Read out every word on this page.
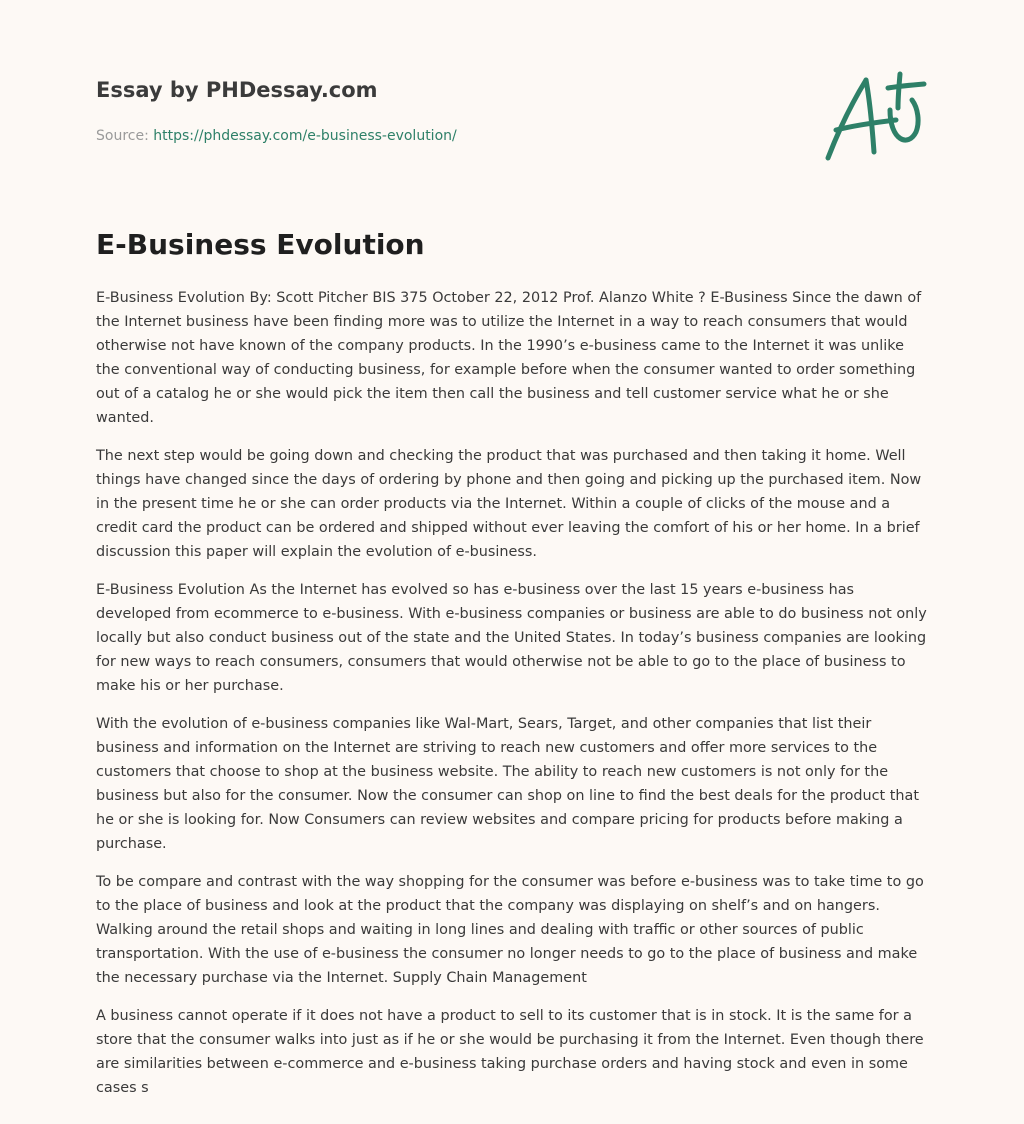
Essay by PHDessay.com
Source: https://phdessay.com/e-business-evolution/
E-Business Evolution

E-Business Evolution By: Scott Pitcher BIS 375 October 22, 2012 Prof. Alanzo White ? E-Business Since the dawn of the Internet business have been finding more was to utilize the Internet in a way to reach consumers that would otherwise not have known of the company products. In the 1990’s e-business came to the Internet it was unlike the conventional way of conducting business, for example before when the consumer wanted to order something out of a catalog he or she would pick the item then call the business and tell customer service what he or she wanted.

The next step would be going down and checking the product that was purchased and then taking it home. Well things have changed since the days of ordering by phone and then going and picking up the purchased item. Now in the present time he or she can order products via the Internet. Within a couple of clicks of the mouse and a credit card the product can be ordered and shipped without ever leaving the comfort of his or her home. In a brief discussion this paper will explain the evolution of e-business.

E-Business Evolution As the Internet has evolved so has e-business over the last 15 years e-business has developed from ecommerce to e-business. With e-business companies or business are able to do business not only locally but also conduct business out of the state and the United States. In today’s business companies are looking for new ways to reach consumers, consumers that would otherwise not be able to go to the place of business to make his or her purchase.

With the evolution of e-business companies like Wal-Mart, Sears, Target, and other companies that list their business and information on the Internet are striving to reach new customers and offer more services to the customers that choose to shop at the business website. The ability to reach new customers is not only for the business but also for the consumer. Now the consumer can shop on line to find the best deals for the product that he or she is looking for. Now Consumers can review websites and compare pricing for products before making a purchase.

To be compare and contrast with the way shopping for the consumer was before e-business was to take time to go to the place of business and look at the product that the company was displaying on shelf’s and on hangers. Walking around the retail shops and waiting in long lines and dealing with traffic or other sources of public transportation. With the use of e-business the consumer no longer needs to go to the place of business and make the necessary purchase via the Internet. Supply Chain Management

A business cannot operate if it does not have a product to sell to its customer that is in stock. It is the same for a store that the consumer walks into just as if he or she would be purchasing it from the Internet. Even though there are similarities between e-commerce and e-business taking purchase orders and having stock and even in some cases s
